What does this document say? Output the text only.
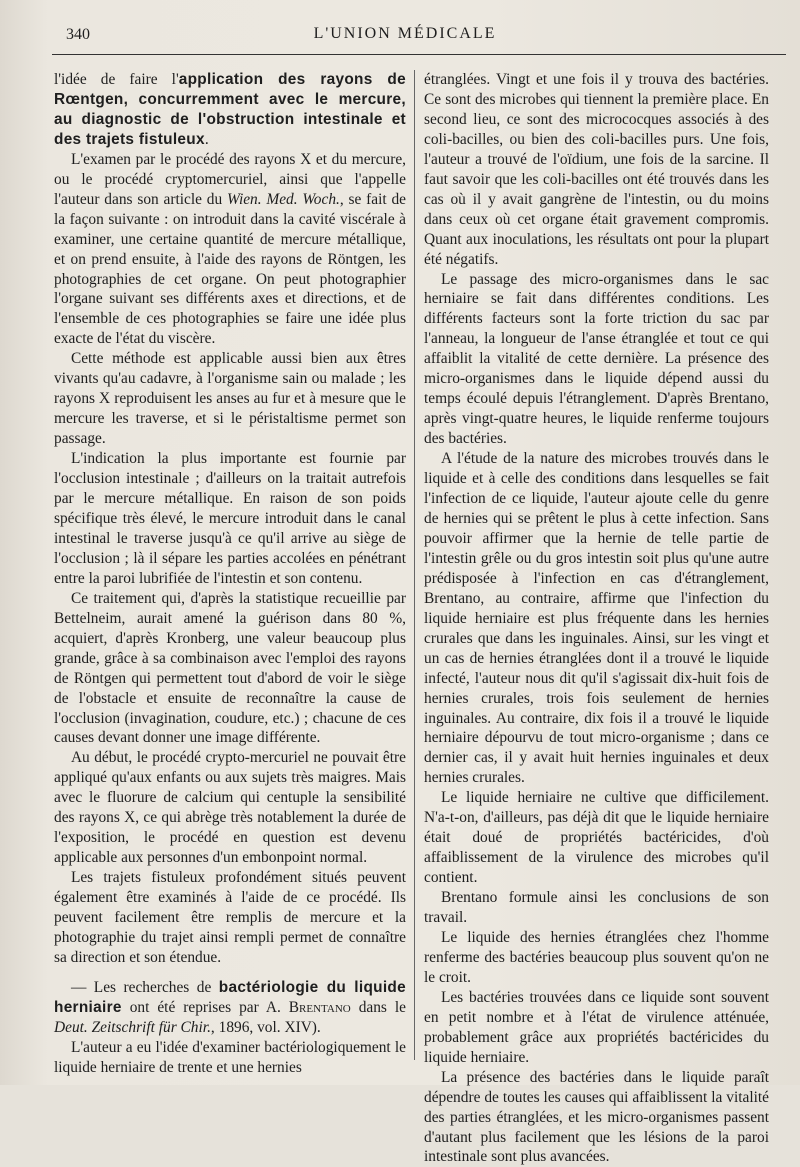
340	L'UNION MÉDICALE

l'idée de faire l'application des rayons de Rœntgen, concurremment avec le mercure, au diagnostic de l'obstruction intestinale et des trajets fistuleux.

L'examen par le procédé des rayons X et du mercure, ou le procédé cryptomercuriel, ainsi que l'appelle l'auteur dans son article du Wien. Med. Woch., se fait de la façon suivante : on introduit dans la cavité viscérale à examiner, une certaine quantité de mercure métallique, et on prend ensuite, à l'aide des rayons de Röntgen, les photographies de cet organe. On peut photographier l'organe suivant ses différents axes et directions, et de l'ensemble de ces photographies se faire une idée plus exacte de l'état du viscère.

Cette méthode est applicable aussi bien aux êtres vivants qu'au cadavre, à l'organisme sain ou malade ; les rayons X reproduisent les anses au fur et à mesure que le mercure les traverse, et si le péristaltisme permet son passage.

L'indication la plus importante est fournie par l'occlusion intestinale ; d'ailleurs on la traitait autrefois par le mercure métallique. En raison de son poids spécifique très élevé, le mercure introduit dans le canal intestinal le traverse jusqu'à ce qu'il arrive au siège de l'occlusion ; là il sépare les parties accolées en pénétrant entre la paroi lubrifiée de l'intestin et son contenu.

Ce traitement qui, d'après la statistique recueillie par Bettelneim, aurait amené la guérison dans 80 %, acquiert, d'après Kronberg, une valeur beaucoup plus grande, grâce à sa combinaison avec l'emploi des rayons de Röntgen qui permettent tout d'abord de voir le siège de l'obstacle et ensuite de reconnaître la cause de l'occlusion (invagination, coudure, etc.) ; chacune de ces causes devant donner une image différente.

Au début, le procédé crypto-mercuriel ne pouvait être appliqué qu'aux enfants ou aux sujets très maigres. Mais avec le fluorure de calcium qui centuple la sensibilité des rayons X, ce qui abrège très notablement la durée de l'exposition, le procédé en question est devenu applicable aux personnes d'un embonpoint normal.

Les trajets fistuleux profondément situés peuvent également être examinés à l'aide de ce procédé. Ils peuvent facilement être remplis de mercure et la photographie du trajet ainsi rempli permet de connaître sa direction et son étendue.

— Les recherches de bactériologie du liquide herniaire ont été reprises par A. Brentano dans le Deut. Zeitschrift für Chir., 1896, vol. XIV).

L'auteur a eu l'idée d'examiner bactériologiquement le liquide herniaire de trente et une hernies

étranglées. Vingt et une fois il y trouva des bactéries. Ce sont des microbes qui tiennent la première place. En second lieu, ce sont des micrococques associés à des coli-bacilles, ou bien des coli-bacilles purs. Une fois, l'auteur a trouvé de l'oïdium, une fois de la sarcine. Il faut savoir que les coli-bacilles ont été trouvés dans les cas où il y avait gangrène de l'intestin, ou du moins dans ceux où cet organe était gravement compromis. Quant aux inoculations, les résultats ont pour la plupart été négatifs.

Le passage des micro-organismes dans le sac herniaire se fait dans différentes conditions. Les différents facteurs sont la forte triction du sac par l'anneau, la longueur de l'anse étranglée et tout ce qui affaiblit la vitalité de cette dernière. La présence des micro-organismes dans le liquide dépend aussi du temps écoulé depuis l'étranglement. D'après Brentano, après vingt-quatre heures, le liquide renferme toujours des bactéries.

A l'étude de la nature des microbes trouvés dans le liquide et à celle des conditions dans lesquelles se fait l'infection de ce liquide, l'auteur ajoute celle du genre de hernies qui se prêtent le plus à cette infection. Sans pouvoir affirmer que la hernie de telle partie de l'intestin grêle ou du gros intestin soit plus qu'une autre prédisposée à l'infection en cas d'étranglement, Brentano, au contraire, affirme que l'infection du liquide herniaire est plus fréquente dans les hernies crurales que dans les inguinales. Ainsi, sur les vingt et un cas de hernies étranglées dont il a trouvé le liquide infecté, l'auteur nous dit qu'il s'agissait dix-huit fois de hernies crurales, trois fois seulement de hernies inguinales. Au contraire, dix fois il a trouvé le liquide herniaire dépourvu de tout micro-organisme ; dans ce dernier cas, il y avait huit hernies inguinales et deux hernies crurales.

Le liquide herniaire ne cultive que difficilement. N'a-t-on, d'ailleurs, pas déjà dit que le liquide herniaire était doué de propriétés bactéricides, d'où affaiblissement de la virulence des microbes qu'il contient.

Brentano formule ainsi les conclusions de son travail.

Le liquide des hernies étranglées chez l'homme renferme des bactéries beaucoup plus souvent qu'on ne le croit.

Les bactéries trouvées dans ce liquide sont souvent en petit nombre et à l'état de virulence atténuée, probablement grâce aux propriétés bactéricides du liquide herniaire.

La présence des bactéries dans le liquide paraît dépendre de toutes les causes qui affaiblissent la vitalité des parties étranglées, et les micro-organismes passent d'autant plus facilement que les lésions de la paroi intestinale sont plus avancées.
